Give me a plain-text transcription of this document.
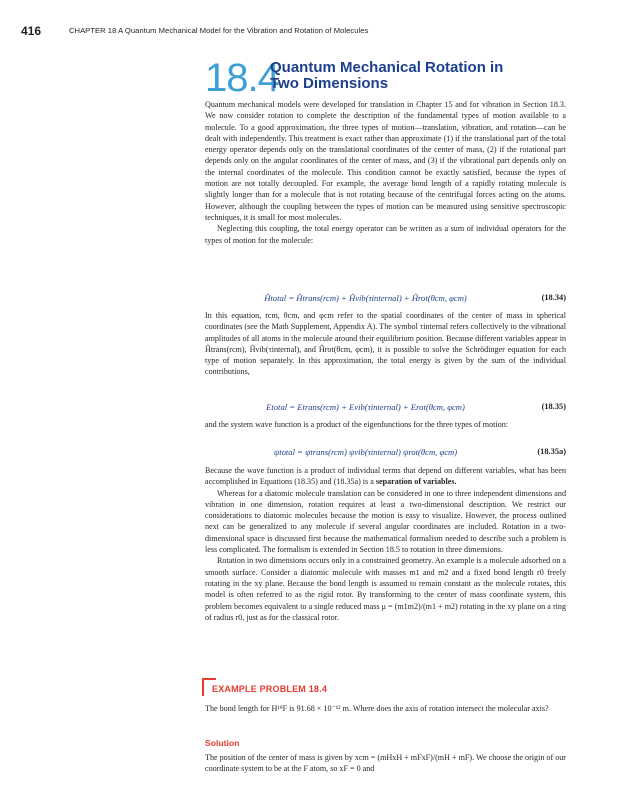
416	CHAPTER 18 A Quantum Mechanical Model for the Vibration and Rotation of Molecules
18.4
Quantum Mechanical Rotation in
Two Dimensions

Quantum mechanical models were developed for translation in Chapter 15 and for vibration in Section 18.3. We now consider rotation to complete the description of the fundamental types of motion available to a molecule. To a good approximation, the three types of motion—translation, vibration, and rotation—can be dealt with independently. This treatment is exact rather than approximate (1) if the translational part of the total energy operator depends only on the translational coordinates of the center of mass, (2) if the rotational part depends only on the angular coordinates of the center of mass, and (3) if the vibrational part depends only on the internal coordinates of the molecule. This condition cannot be exactly satisfied, because the types of motion are not totally decoupled. For example, the average bond length of a rapidly rotating molecule is slightly longer than for a molecule that is not rotating because of the centrifugal forces acting on the atoms. However, although the coupling between the types of motion can be measured using sensitive spectroscopic techniques, it is small for most molecules.

Neglecting this coupling, the total energy operator can be written as a sum of individual operators for the types of motion for the molecule:

Ĥtotal = Ĥtrans(rcm) + Ĥvib(τinternal) + Ĥrot(θcm, φcm)	(18.34)

In this equation, rcm, θcm, and φcm refer to the spatial coordinates of the center of mass in spherical coordinates (see the Math Supplement, Appendix A). The symbol τinternal refers collectively to the vibrational amplitudes of all atoms in the molecule around their equilibrium position. Because different variables appear in Ĥtrans(rcm), Ĥvib(τinternal), and Ĥrot(θcm, φcm), it is possible to solve the Schrödinger equation for each type of motion separately. In this approximation, the total energy is given by the sum of the individual contributions,

Etotal = Etrans(rcm) + Evib(τinternal) + Erot(θcm, φcm)	(18.35)

and the system wave function is a product of the eigenfunctions for the three types of motion:

ψtotal = ψtrans(rcm) ψvib(τinternal) ψrot(θcm, φcm)	(18.35a)

Because the wave function is a product of individual terms that depend on different variables, what has been accomplished in Equations (18.35) and (18.35a) is a separation of variables.

Whereas for a diatomic molecule translation can be considered in one to three independent dimensions and vibration in one dimension, rotation requires at least a two-dimensional description. We restrict our considerations to diatomic molecules because the motion is easy to visualize. However, the process outlined next can be generalized to any molecule if several angular coordinates are included. Rotation in a two-dimensional space is discussed first because the mathematical formalism needed to describe such a problem is less complicated. The formalism is extended in Section 18.5 to rotation in three dimensions.

Rotation in two dimensions occurs only in a constrained geometry. An example is a molecule adsorbed on a smooth surface. Consider a diatomic molecule with masses m1 and m2 and a fixed bond length r0 freely rotating in the xy plane. Because the bond length is assumed to remain constant as the molecule rotates, this model is often referred to as the rigid rotor. By transforming to the center of mass coordinate system, this problem becomes equivalent to a single reduced mass μ = (m1m2)/(m1 + m2) rotating in the xy plane on a ring of radius r0, just as for the classical rotor.

EXAMPLE PROBLEM 18.4

The bond length for H¹⁹F is 91.68 × 10⁻¹² m. Where does the axis of rotation intersect the molecular axis?

Solution

The position of the center of mass is given by xcm = (mHxH + mFxF)/(mH + mF). We choose the origin of our coordinate system to be at the F atom, so xF = 0 and
